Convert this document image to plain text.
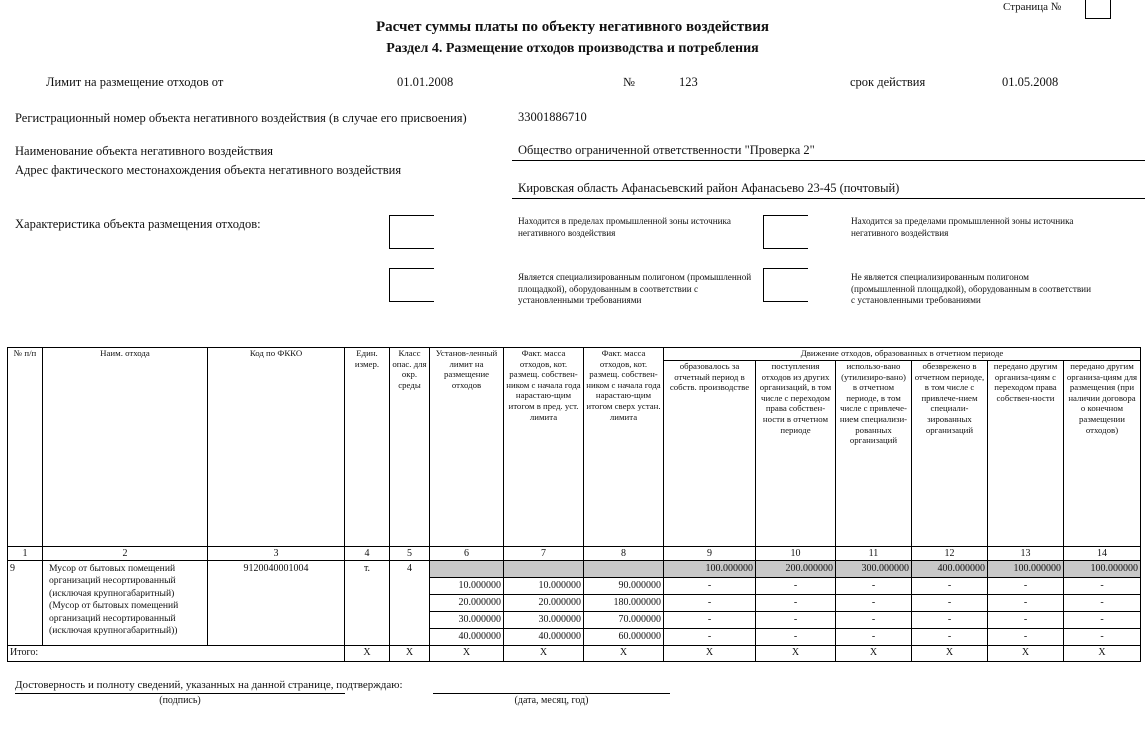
Страница №
Расчет суммы платы по объекту негативного воздействия
Раздел 4. Размещение отходов производства и потребления
Лимит на размещение отходов от	01.01.2008	№	123	срок действия	01.05.2008
Регистрационный номер объекта негативного воздействия (в случае его присвоения)	33001886710
Наименование объекта негативного воздействия	Общество ограниченной ответственности "Проверка 2"
Адрес фактического местонахождения объекта негативного воздействия
Кировская область Афанасьевский район Афанасьево 23-45 (почтовый)
Характеристика объекта размещения отходов:	Находится в пределах промышленной зоны источника негативного воздействия
Находится за пределами промышленной зоны источника негативного воздействия
Является специализированным полигоном (промышленной площадкой), оборудованным в соответствии с установленными требованиями
Не является специализированным полигоном (промышленной площадкой), оборудованным в соответствии с установленными требованиями
№ п/п	Наим. отхода	Код по ФККО	Един. измер.	Класс опас. для окр. среды	Установ-ленный лимит на размещение отходов	Факт. масса отходов, кот. размещ. собствен-ником с начала года нарастаю-щим итогом в пред. уст. лимита	Факт. масса отходов, кот. размещ. собствен-ником с начала года нарастаю-щим итогом сверх устан. лимита	Движение отходов, образованных в отчетном периоде					
								образовалось за отчетный период в собств. производстве	поступления отходов из других организаций, в том числе с переходом права собствен-ности в отчетном периоде	использо-вано (утилизиро-вано) в отчетном периоде, в том числе с привлече-нием специализи-рованных организаций	обезврежено в отчетном периоде, в том числе с привлече-нием специали-зированных организаций	передано другим организа-циям с переходом права собствен-ности	передано другим организа-циям для размещения (при наличии договора о конечном размещении отходов)
1	2	3	4	5	6	7	8	9	10	11	12	13	14
9	Мусор от бытовых помещений организаций несортированный (исключая крупногабаритный) (Мусор от бытовых помещений организаций несортированный (исключая крупногабаритный))	9120040001004	т.	4				100.000000	200.000000	300.000000	400.000000	100.000000	100.000000
					10.000000	10.000000	90.000000	-	-	-	-	-	-
					20.000000	20.000000	180.000000	-	-	-	-	-	-
					30.000000	30.000000	70.000000	-	-	-	-	-	-
					40.000000	40.000000	60.000000	-	-	-	-	-	-
Итого:			X	X	X	X	X	X	X	X	X	X	X
Достоверность и полноту сведений, указанных на данной странице, подтверждаю:
(подпись)	(дата, месяц, год)
